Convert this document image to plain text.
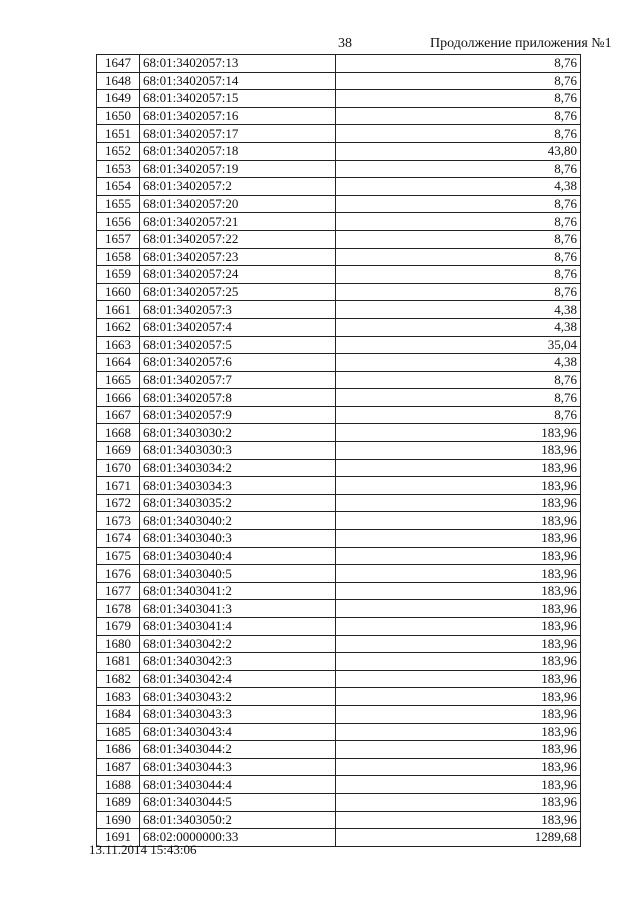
38	Продолжение приложения №1
1647	68:01:3402057:13	8,76
1648	68:01:3402057:14	8,76
1649	68:01:3402057:15	8,76
1650	68:01:3402057:16	8,76
1651	68:01:3402057:17	8,76
1652	68:01:3402057:18	43,80
1653	68:01:3402057:19	8,76
1654	68:01:3402057:2	4,38
1655	68:01:3402057:20	8,76
1656	68:01:3402057:21	8,76
1657	68:01:3402057:22	8,76
1658	68:01:3402057:23	8,76
1659	68:01:3402057:24	8,76
1660	68:01:3402057:25	8,76
1661	68:01:3402057:3	4,38
1662	68:01:3402057:4	4,38
1663	68:01:3402057:5	35,04
1664	68:01:3402057:6	4,38
1665	68:01:3402057:7	8,76
1666	68:01:3402057:8	8,76
1667	68:01:3402057:9	8,76
1668	68:01:3403030:2	183,96
1669	68:01:3403030:3	183,96
1670	68:01:3403034:2	183,96
1671	68:01:3403034:3	183,96
1672	68:01:3403035:2	183,96
1673	68:01:3403040:2	183,96
1674	68:01:3403040:3	183,96
1675	68:01:3403040:4	183,96
1676	68:01:3403040:5	183,96
1677	68:01:3403041:2	183,96
1678	68:01:3403041:3	183,96
1679	68:01:3403041:4	183,96
1680	68:01:3403042:2	183,96
1681	68:01:3403042:3	183,96
1682	68:01:3403042:4	183,96
1683	68:01:3403043:2	183,96
1684	68:01:3403043:3	183,96
1685	68:01:3403043:4	183,96
1686	68:01:3403044:2	183,96
1687	68:01:3403044:3	183,96
1688	68:01:3403044:4	183,96
1689	68:01:3403044:5	183,96
1690	68:01:3403050:2	183,96
1691	68:02:0000000:33	1289,68
13.11.2014 15:43:06
